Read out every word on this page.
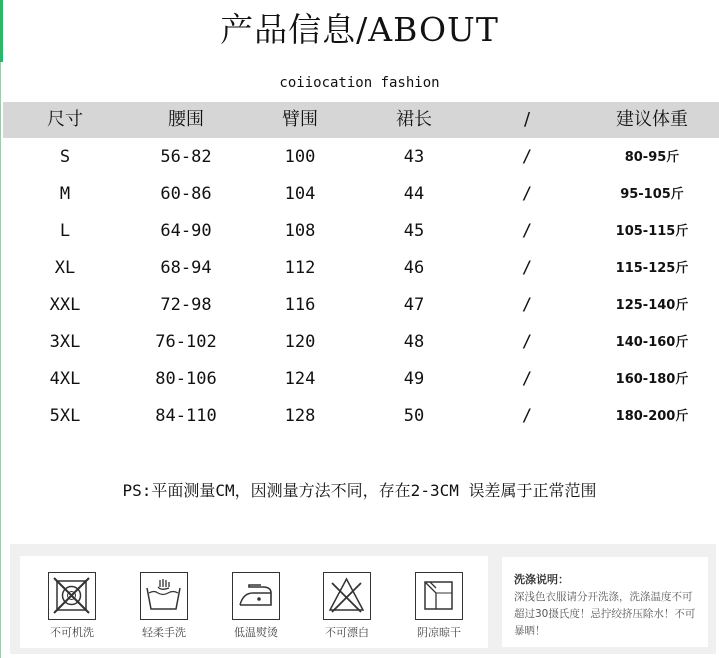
产品信息/ABOUT
coiiocation fashion
尺寸	腰围	臂围	裙长	/	建议体重
S	56-82	100	43	/	80-95斤
M	60-86	104	44	/	95-105斤
L	64-90	108	45	/	105-115斤
XL	68-94	112	46	/	115-125斤
XXL	72-98	116	47	/	125-140斤
3XL	76-102	120	48	/	140-160斤
4XL	80-106	124	49	/	160-180斤
5XL	84-110	128	50	/	180-200斤
PS:平面测量CM，因测量方法不同，存在2-3CM 误差属于正常范围
不可机洗	轻柔手洗	低温熨烫	不可漂白	阴凉晾干
洗涤说明：
深浅色衣服请分开洗涤，洗涤温度不可超过30摄氏度！忌拧绞挤压除水！不可暴晒！
